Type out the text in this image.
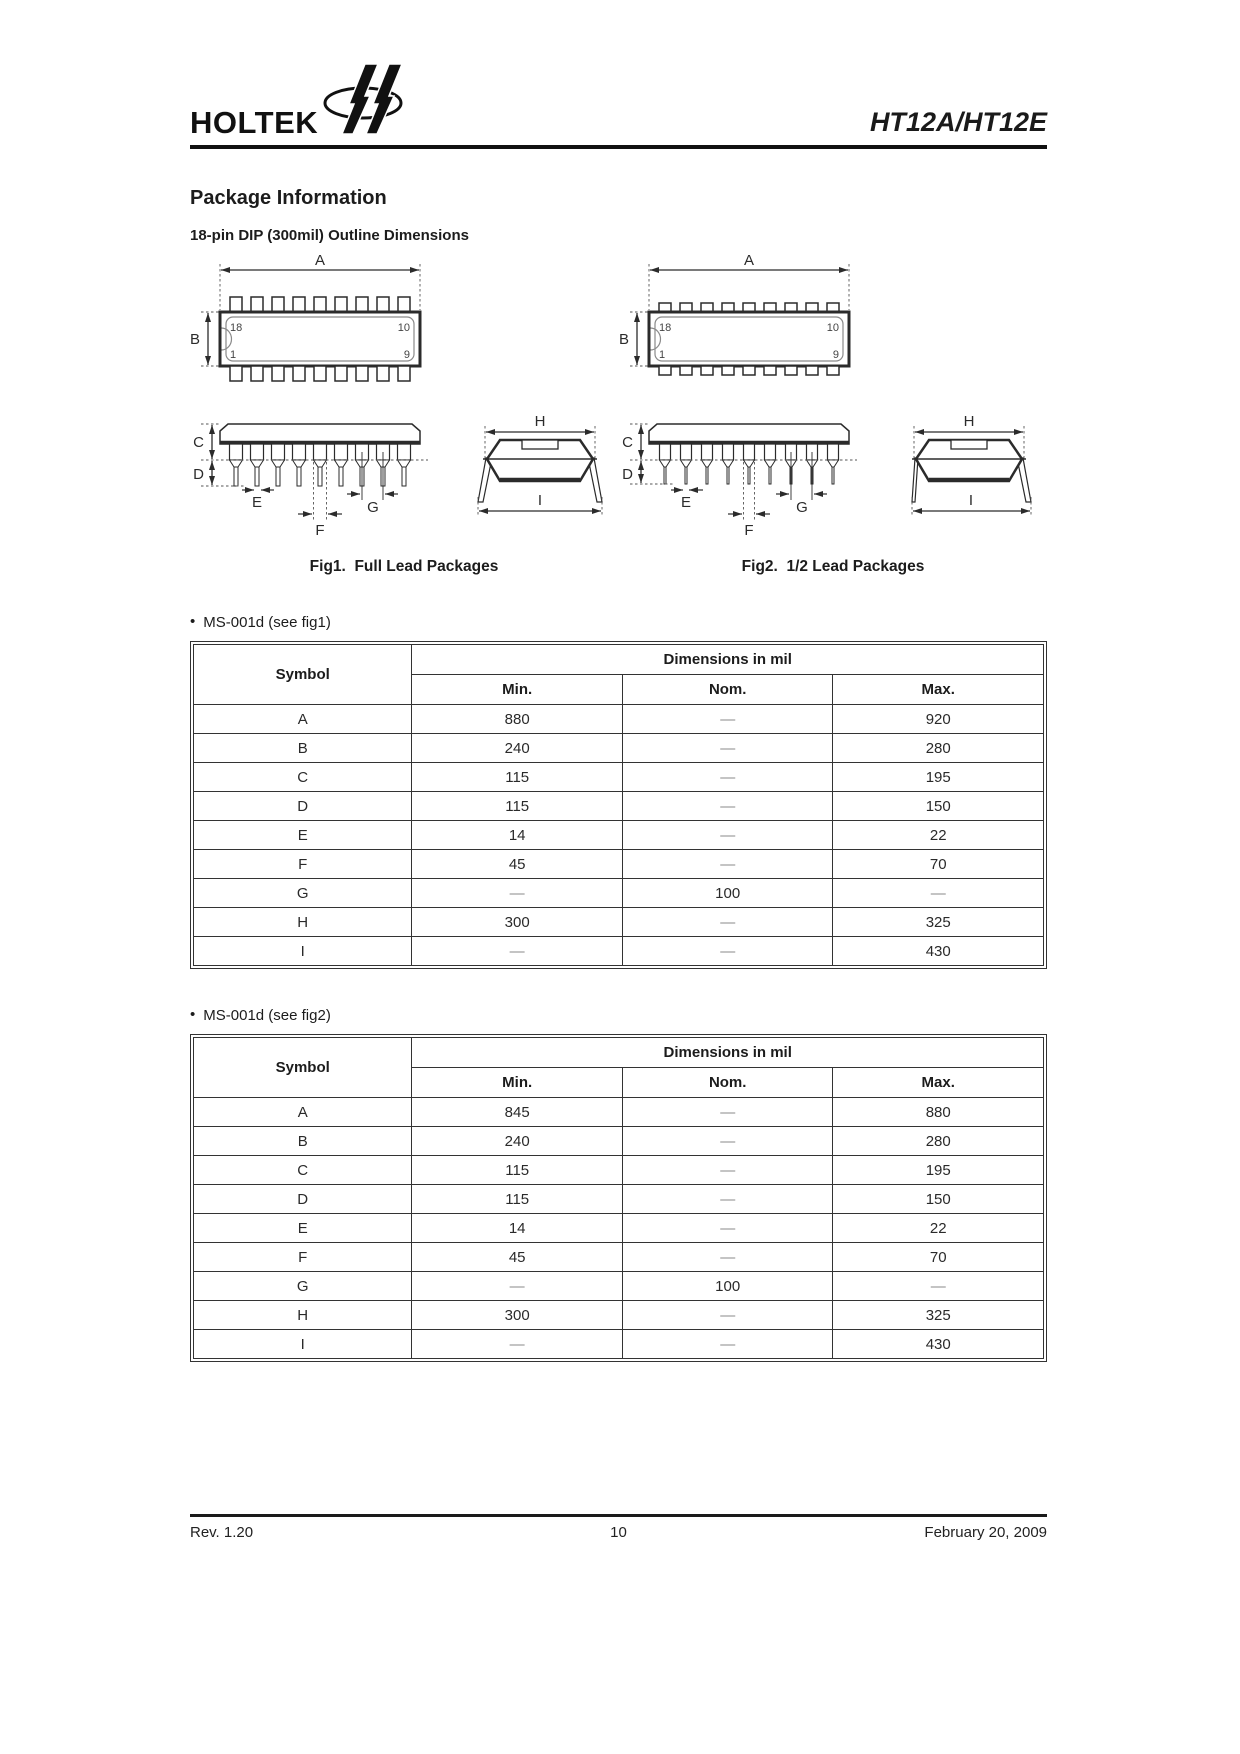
HOLTEK	HT12A/HT12E
Package Information
18-pin DIP (300mil) Outline Dimensions
A
18	10
1	9
B
C
D
E
F
G
H
I
Fig1.  Full Lead Packages
A
18	10
1	9
B
C
D
E
F
G
H
I
Fig2.  1/2 Lead Packages
• MS-001d (see fig1)
Symbol	Dimensions in mil		
	Min.	Nom.	Max.
A	880	—	920
B	240	—	280
C	115	—	195
D	115	—	150
E	14	—	22
F	45	—	70
G	—	100	—
H	300	—	325
I	—	—	430
• MS-001d (see fig2)
Symbol	Dimensions in mil		
	Min.	Nom.	Max.
A	845	—	880
B	240	—	280
C	115	—	195
D	115	—	150
E	14	—	22
F	45	—	70
G	—	100	—
H	300	—	325
I	—	—	430
Rev. 1.20	10	February 20, 2009
